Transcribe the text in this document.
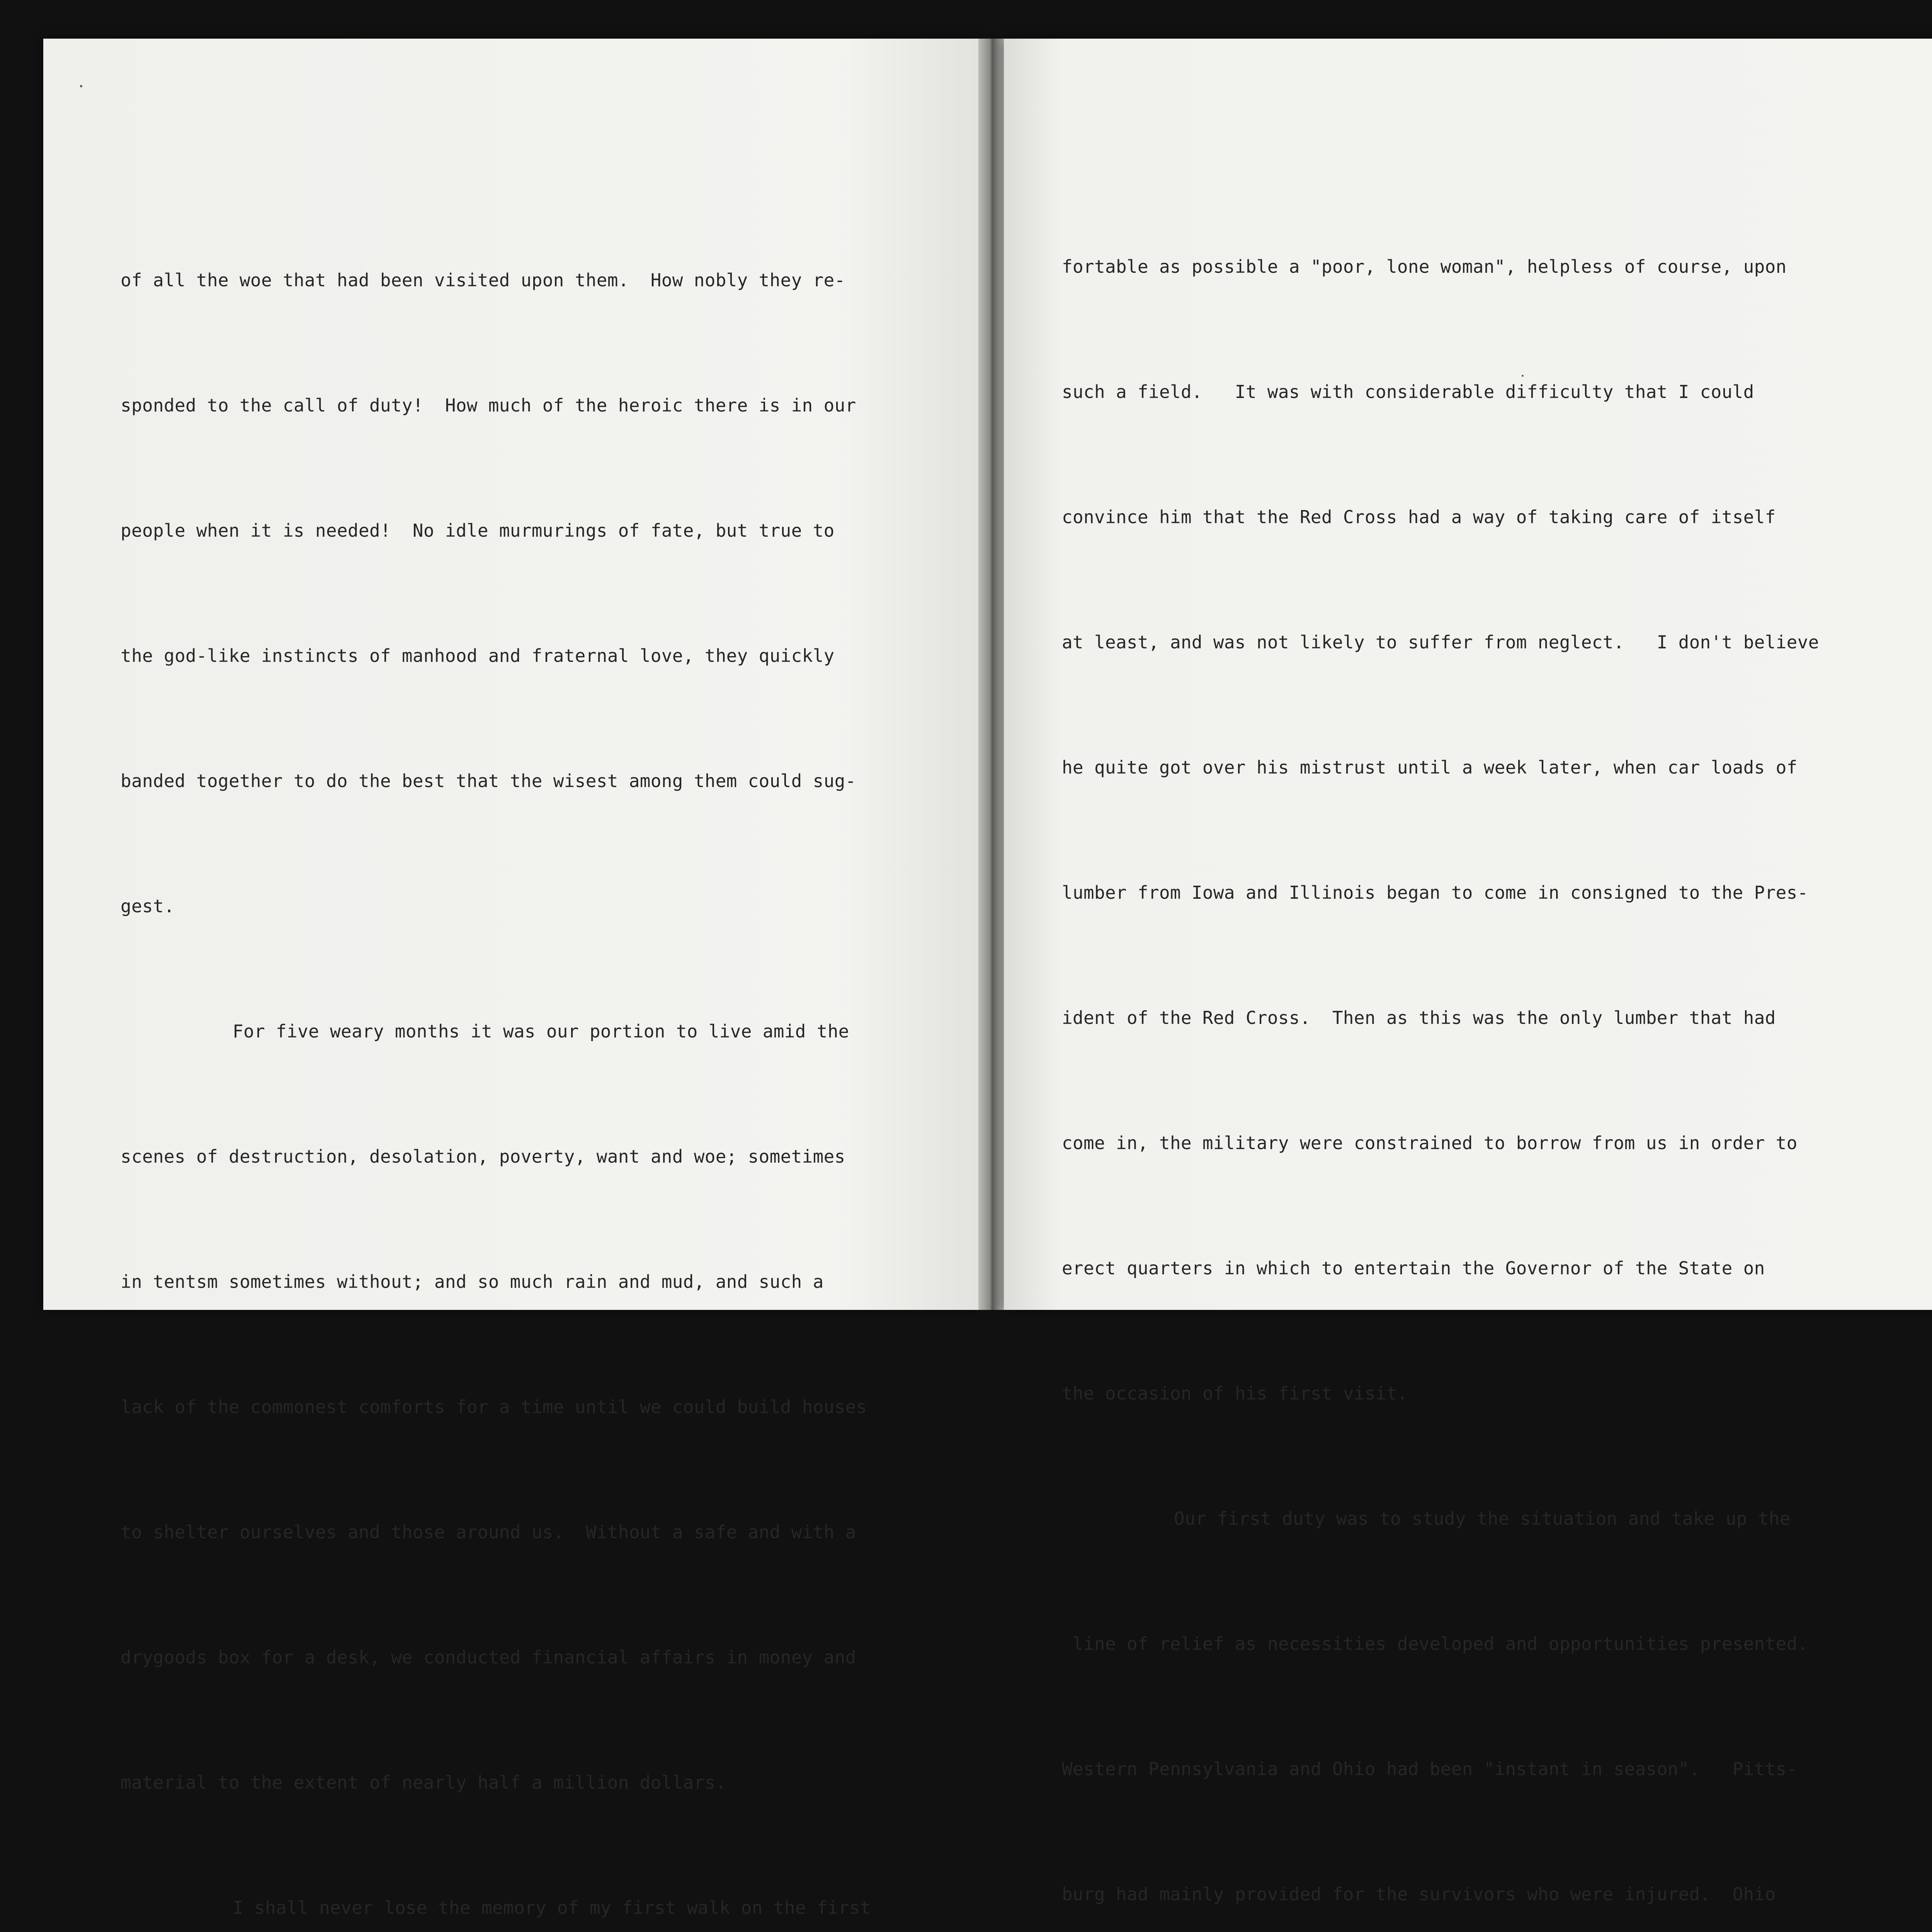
of all the woe that had been visited upon them.  How nobly they re-

sponded to the call of duty!  How much of the heroic there is in our

people when it is needed!  No idle murmurings of fate, but true to

the god-like instincts of manhood and fraternal love, they quickly

banded together to do the best that the wisest among them could sug-

gest.

For five weary months it was our portion to live amid the

scenes of destruction, desolation, poverty, want and woe; sometimes

in tentsm sometimes without; and so much rain and mud, and such a

lack of the commonest comforts for a time until we could build houses

to shelter ourselves and those around us.  Without a safe and with a

drygoods box for a desk, we conducted financial affairs in money and

material to the extent of nearly half a million dollars.

I shall never lose the memory of my first walk on the first

fortable as possible a "poor, lone woman", helpless of course, upon

such a field.   It was with considerable difficulty that I could

convince him that the Red Cross had a way of taking care of itself

at least, and was not likely to suffer from neglect.   I don't believe

he quite got over his mistrust until a week later, when car loads of

lumber from Iowa and Illinois began to come in consigned to the Pres-

ident of the Red Cross.  Then as this was the only lumber that had

come in, the military were constrained to borrow from us in order to

erect quarters in which to entertain the Governor of the State on

the occasion of his first visit.

Our first duty was to study the situation and take up the

line of relief as necessities developed and opportunities presented.

Western Pennsylvania and Ohio had been "instant in season".   Pitts-

burg had mainly provided for the survivors who were injured.  Ohio
